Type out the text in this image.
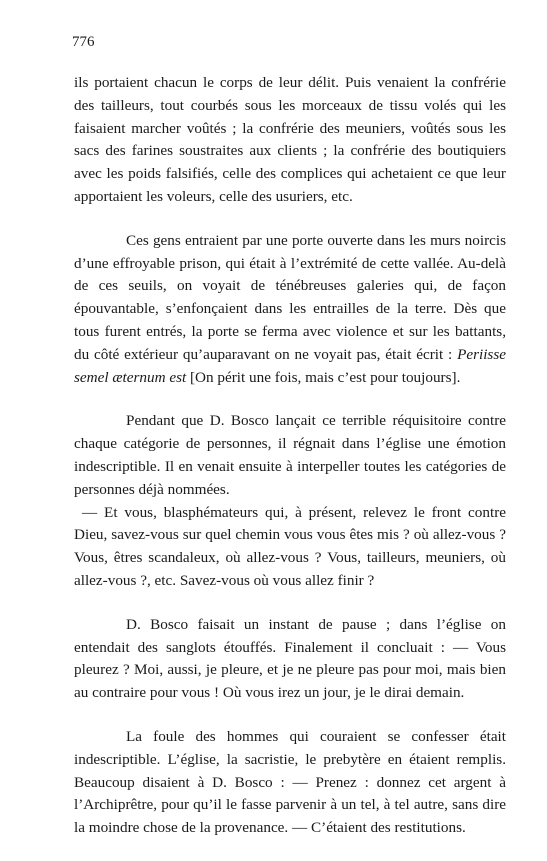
776

ils portaient chacun le corps de leur délit. Puis venaient la confrérie des tailleurs, tout courbés sous les morceaux de tissu volés qui les faisaient marcher voûtés ; la confrérie des meuniers, voûtés sous les sacs des farines soustraites aux clients ; la confrérie des boutiquiers avec les poids falsifiés, celle des complices qui achetaient ce que leur apportaient les voleurs, celle des usuriers, etc.

Ces gens entraient par une porte ouverte dans les murs noircis d’une effroyable prison, qui était à l’extrémité de cette vallée. Au-delà de ces seuils, on voyait de ténébreuses galeries qui, de façon épouvantable, s’enfonçaient dans les entrailles de la terre. Dès que tous furent entrés, la porte se ferma avec violence et sur les battants, du côté extérieur qu’auparavant on ne voyait pas, était écrit : Periisse semel æternum est [On périt une fois, mais c’est pour toujours].

Pendant que D. Bosco lançait ce terrible réquisitoire contre chaque catégorie de personnes, il régnait dans l’église une émotion indescriptible. Il en venait ensuite à interpeller toutes les catégories de personnes déjà nommées.

— Et vous, blasphémateurs qui, à présent, relevez le front contre Dieu, savez-vous sur quel chemin vous vous êtes mis ? où allez-vous ? Vous, êtres scandaleux, où allez-vous ? Vous, tailleurs, meuniers, où allez-vous ?, etc. Savez-vous où vous allez finir ?

D. Bosco faisait un instant de pause ; dans l’église on entendait des sanglots étouffés. Finalement il concluait : — Vous pleurez ? Moi, aussi, je pleure, et je ne pleure pas pour moi, mais bien au contraire pour vous ! Où vous irez un jour, je le dirai demain.

La foule des hommes qui couraient se confesser était indescriptible. L’église, la sacristie, le prebytère en étaient remplis. Beaucoup disaient à D. Bosco : — Prenez : donnez cet argent à l’Archiprêtre, pour qu’il le fasse parvenir à un tel, à tel autre, sans dire la moindre chose de la provenance. — C’étaient des restitutions.
